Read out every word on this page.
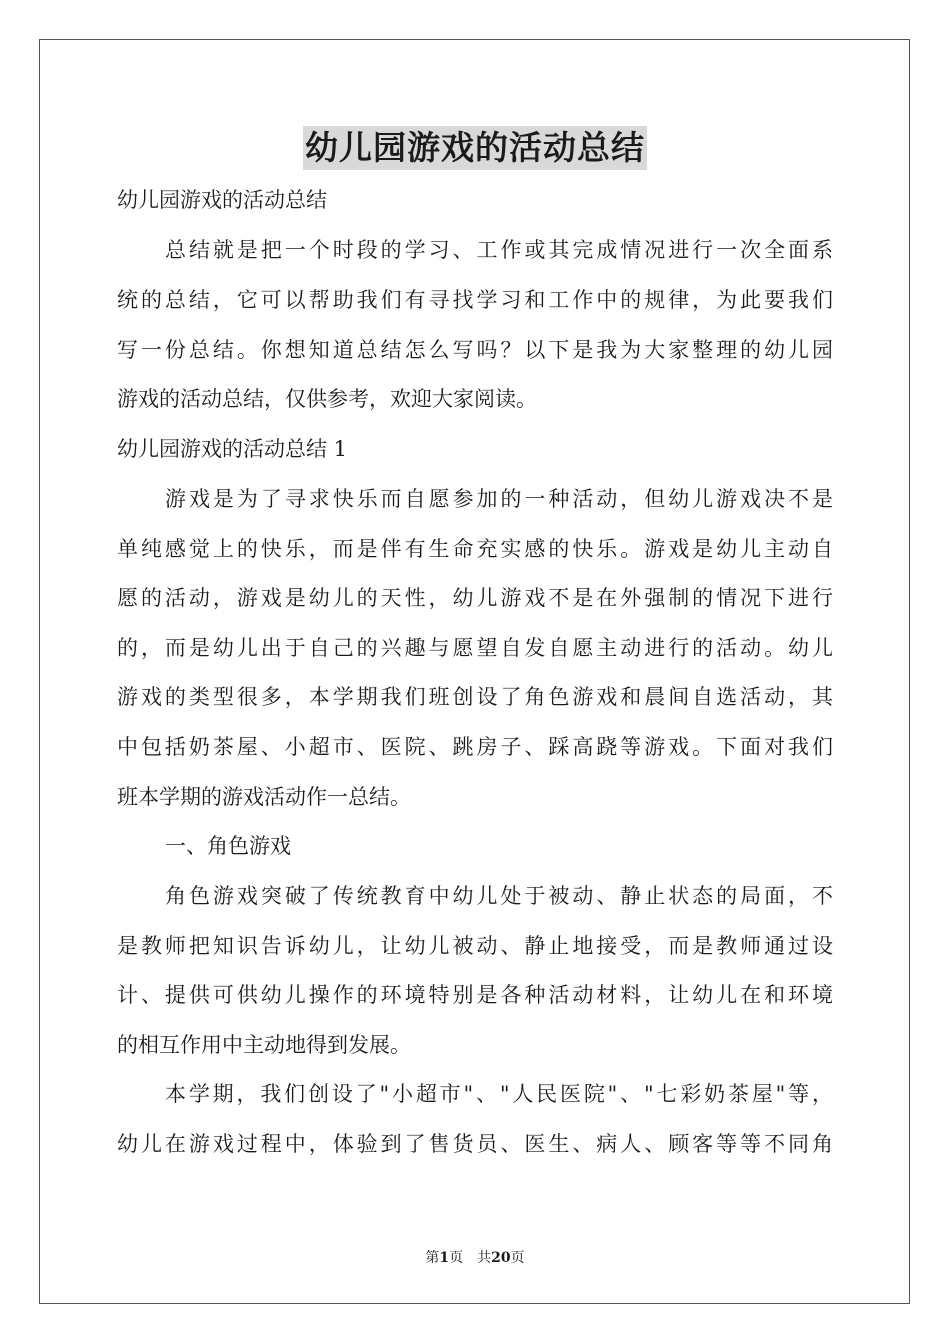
幼儿园游戏的活动总结
幼儿园游戏的活动总结
总结就是把一个时段的学习、工作或其完成情况进行一次全面系
统的总结，它可以帮助我们有寻找学习和工作中的规律，为此要我们
写一份总结。你想知道总结怎么写吗？以下是我为大家整理的幼儿园
游戏的活动总结，仅供参考，欢迎大家阅读。
幼儿园游戏的活动总结 1
游戏是为了寻求快乐而自愿参加的一种活动，但幼儿游戏决不是
单纯感觉上的快乐，而是伴有生命充实感的快乐。游戏是幼儿主动自
愿的活动，游戏是幼儿的天性，幼儿游戏不是在外强制的情况下进行
的，而是幼儿出于自己的兴趣与愿望自发自愿主动进行的活动。幼儿
游戏的类型很多，本学期我们班创设了角色游戏和晨间自选活动，其
中包括奶茶屋、小超市、医院、跳房子、踩高跷等游戏。下面对我们
班本学期的游戏活动作一总结。
一、角色游戏
角色游戏突破了传统教育中幼儿处于被动、静止状态的局面，不
是教师把知识告诉幼儿，让幼儿被动、静止地接受，而是教师通过设
计、提供可供幼儿操作的环境特别是各种活动材料，让幼儿在和环境
的相互作用中主动地得到发展。
本学期，我们创设了"小超市"、"人民医院"、"七彩奶茶屋"等，
幼儿在游戏过程中，体验到了售货员、医生、病人、顾客等等不同角
第1页　共20页
